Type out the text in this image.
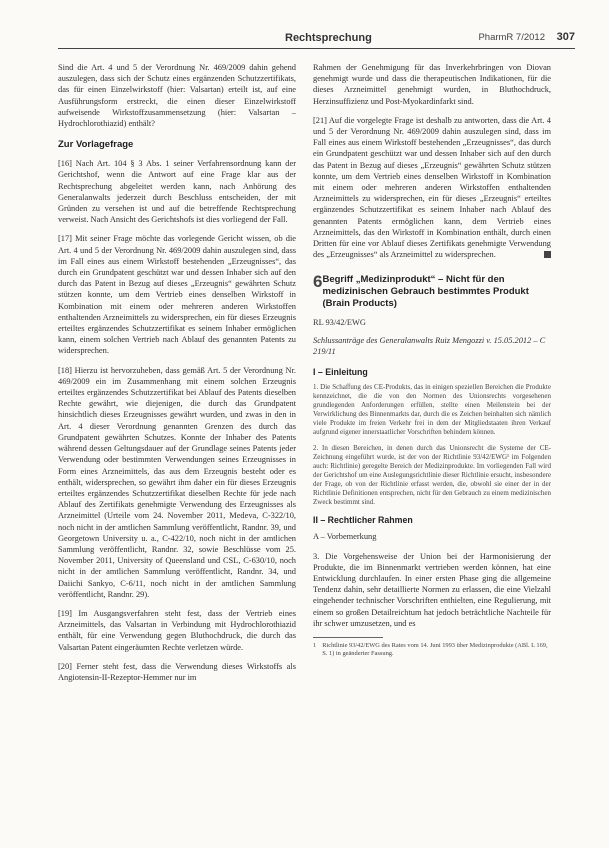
Rechtsprechung	PharmR 7/2012 307

Sind die Art. 4 und 5 der Verordnung Nr. 469/2009 dahin gehend auszulegen, dass sich der Schutz eines ergänzenden Schutzzertifikats, das für einen Einzelwirkstoff (hier: Valsartan) erteilt ist, auf eine Ausführungsform erstreckt, die einen dieser Einzelwirkstoff aufweisende Wirkstoffzusammensetzung (hier: Valsartan – Hydrochlorothiazid) enthält?

Zur Vorlagefrage

[16] Nach Art. 104 § 3 Abs. 1 seiner Verfahrensordnung kann der Gerichtshof, wenn die Antwort auf eine Frage klar aus der Rechtsprechung abgeleitet werden kann, nach Anhörung des Generalanwalts jederzeit durch Beschluss entscheiden, der mit Gründen zu versehen ist und auf die betreffende Rechtsprechung verweist. Nach Ansicht des Gerichtshofs ist dies vorliegend der Fall.

[17] Mit seiner Frage möchte das vorlegende Gericht wissen, ob die Art. 4 und 5 der Verordnung Nr. 469/2009 dahin auszulegen sind, dass im Fall eines aus einem Wirkstoff bestehenden „Erzeugnisses“, das durch ein Grundpatent geschützt war und dessen Inhaber sich auf den durch das Patent in Bezug auf dieses „Erzeugnis“ gewährten Schutz stützen konnte, um dem Vertrieb eines denselben Wirkstoff in Kombination mit einem oder mehreren anderen Wirkstoffen enthaltenden Arzneimittels zu widersprechen, ein für dieses Erzeugnis erteiltes ergänzendes Schutzzertifikat es seinem Inhaber ermöglichen kann, einem solchen Vertrieb nach Ablauf des genannten Patents zu widersprechen.

[18] Hierzu ist hervorzuheben, dass gemäß Art. 5 der Verordnung Nr. 469/2009 ein im Zusammenhang mit einem solchen Erzeugnis erteiltes ergänzendes Schutzzertifikat bei Ablauf des Patents dieselben Rechte gewährt, wie diejenigen, die durch das Grundpatent hinsichtlich dieses Erzeugnisses gewährt wurden, und zwas in den in Art. 4 dieser Verordnung genannten Grenzen des durch das Grundpatent gewährten Schutzes. Konnte der Inhaber des Patents während dessen Geltungsdauer auf der Grundlage seines Patents jeder Verwendung oder bestimmten Verwendungen seines Erzeugnisses in Form eines Arzneimittels, das aus dem Erzeugnis besteht oder es enthält, widersprechen, so gewährt ihm daher ein für dieses Erzeugnis erteiltes ergänzendes Schutzzertifikat dieselben Rechte für jede nach Ablauf des Zertifikats genehmigte Verwendung des Erzeugnisses als Arzneimittel (Urteile vom 24. November 2011, Medeva, C-322/10, noch nicht in der amtlichen Sammlung veröffentlicht, Randnr. 39, und Georgetown University u. a., C-422/10, noch nicht in der amtlichen Sammlung veröffentlicht, Randnr. 32, sowie Beschlüsse vom 25. November 2011, University of Queensland und CSL, C-630/10, noch nicht in der amtlichen Sammlung veröffentlicht, Randnr. 34, und Daiichi Sankyo, C-6/11, noch nicht in der amtlichen Sammlung veröffentlicht, Randnr. 29).

[19] Im Ausgangsverfahren steht fest, dass der Vertrieb eines Arzneimittels, das Valsartan in Verbindung mit Hydrochlorothiazid enthält, für eine Verwendung gegen Bluthochdruck, die durch das Valsartan Patent eingeräumten Rechte verletzen würde.

[20] Ferner steht fest, dass die Verwendung dieses Wirkstoffs als Angiotensin-II-Rezeptor-Hemmer nur im

Rahmen der Genehmigung für das Inverkehrbringen von Diovan genehmigt wurde und dass die therapeutischen Indikationen, für die dieses Arzneimittel genehmigt wurden, in Bluthochdruck, Herzinsuffizienz und Post-Myokardinfarkt sind.

[21] Auf die vorgelegte Frage ist deshalb zu antworten, dass die Art. 4 und 5 der Verordnung Nr. 469/2009 dahin auszulegen sind, dass im Fall eines aus einem Wirkstoff bestehenden „Erzeugnisses“, das durch ein Grundpatent geschützt war und dessen Inhaber sich auf den durch das Patent in Bezug auf dieses „Erzeugnis“ gewährten Schutz stützen konnte, um dem Vertrieb eines denselben Wirkstoff in Kombination mit einem oder mehreren anderen Wirkstoffen enthaltenden Arzneimittels zu widersprechen, ein für dieses „Erzeugnis“ erteiltes ergänzendes Schutzzertifikat es seinem Inhaber nach Ablauf des genannten Patents ermöglichen kann, dem Vertrieb eines Arzneimittels, das den Wirkstoff in Kombination enthält, durch einen Dritten für eine vor Ablauf dieses Zertifikats genehmigte Verwendung des „Erzeugnisses“ als Arzneimittel zu widersprechen.

6 Begriff „Medizinprodukt“ – Nicht für den medizinischen Gebrauch bestimmtes Produkt (Brain Products)
RL 93/42/EWG
Schlussanträge des Generalanwalts Ruiz Mengozzi v. 15.05.2012 – C 219/11
I – Einleitung

1. Die Schaffung des CE-Produkts, das in einigen speziellen Bereichen die Produkte kennzeichnet, die die von den Normen des Unionsrechts vorgesehenen grundlegenden Anforderungen erfüllen, stellte einen Meilenstein bei der Verwirklichung des Binnenmarkts dar, durch die es Zeichen beinhalten sich nämlich viele Produkte im freien Verkehr frei in dem der Mitgliedstaaten ihren Verkauf aufgrund eigener innerstaatlicher Vorschriften behindern können.

2. In diesen Bereichen, in denen durch das Unionsrecht die Systeme der CE-Zeichnung eingeführt wurde, ist der von der Richtlinie 93/42/EWG¹ im Folgenden auch: Richtlinie) geregelte Bereich der Medizinprodukte. Im vorliegenden Fall wird der Gerichtshof um eine Auslegungsrichtlinie dieser Richtlinie ersucht, insbesondere der Frage, ob von der Richtlinie erfasst werden, die, obwohl sie einer der in der Richtlinie Definitionen entsprechen, nicht für den Gebrauch zu einem medizinischen Zweck bestimmt sind.

II – Rechtlicher Rahmen

A – Vorbemerkung

3. Die Vorgehensweise der Union bei der Harmonisierung der Produkte, die im Binnenmarkt vertrieben werden können, hat eine Entwicklung durchlaufen. In einer ersten Phase ging die allgemeine Tendenz dahin, sehr detaillierte Normen zu erlassen, die eine Vielzahl eingehender technischer Vorschriften enthielten, eine Regulierung, mit einem so großen Detailreichtum hat jedoch beträchtliche Nachteile für ihr schwer umzusetzen, und es

1 Richtlinie 93/42/EWG des Rates vom 14. Juni 1993 über Medizinprodukte (ABl. L 169, S. 1) in geänderter Fassung.
